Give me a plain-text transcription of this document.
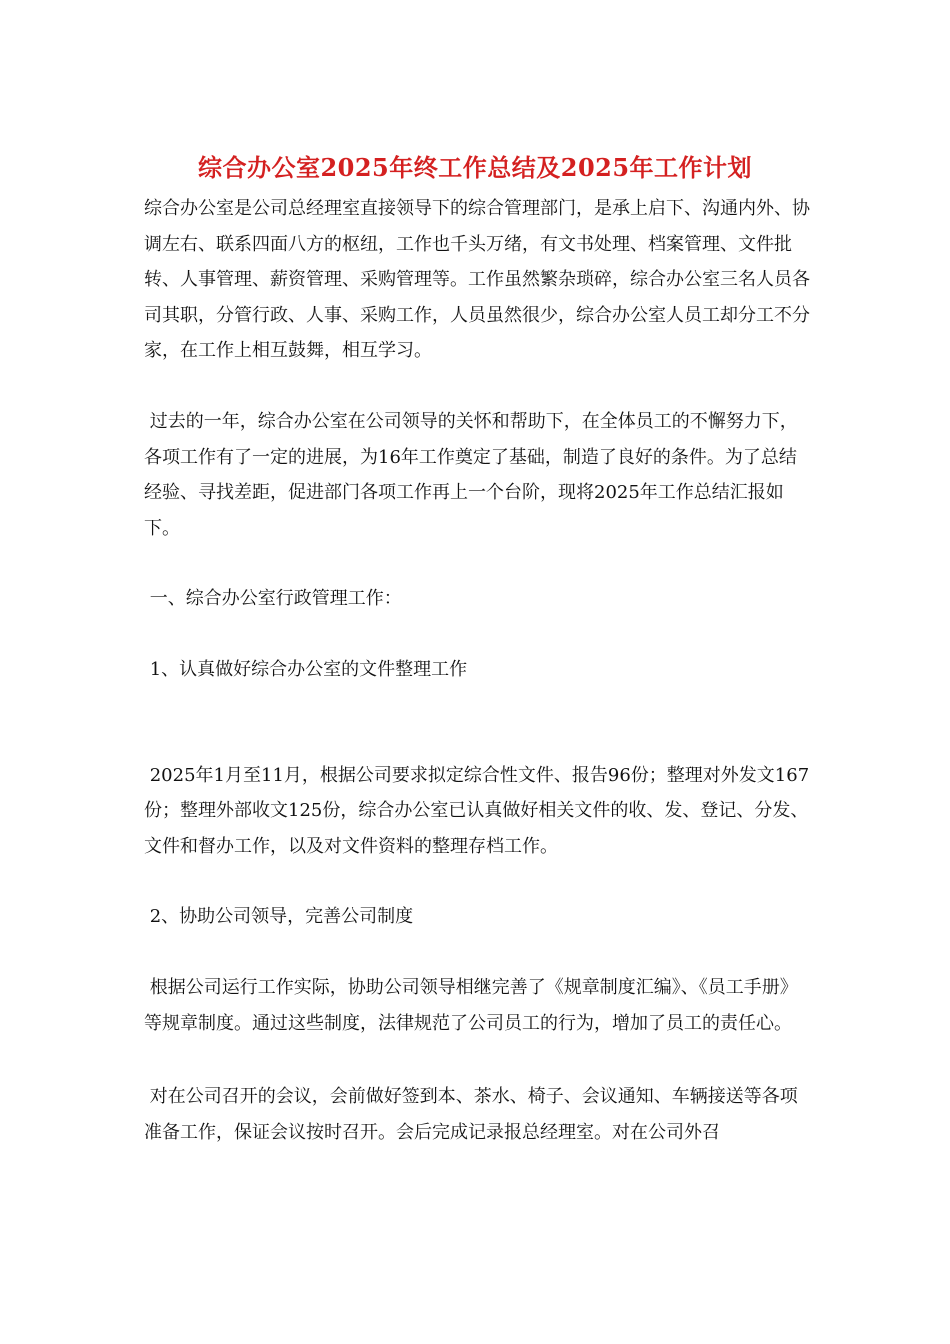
综合办公室2025年终工作总结及2025年工作计划

综合办公室是公司总经理室直接领导下的综合管理部门，是承上启下、沟通内外、协调左右、联系四面八方的枢纽，工作也千头万绪，有文书处理、档案管理、文件批转、人事管理、薪资管理、采购管理等。工作虽然繁杂琐碎，综合办公室三名人员各司其职，分管行政、人事、采购工作，人员虽然很少，综合办公室人员工却分工不分家，在工作上相互鼓舞，相互学习。

过去的一年，综合办公室在公司领导的关怀和帮助下，在全体员工的不懈努力下，各项工作有了一定的进展，为16年工作奠定了基础，制造了良好的条件。为了总结经验、寻找差距，促进部门各项工作再上一个台阶，现将2025年工作总结汇报如下。

一、综合办公室行政管理工作：

1、认真做好综合办公室的文件整理工作

2025年1月至11月，根据公司要求拟定综合性文件、报告96份；整理对外发文167份；整理外部收文125份，综合办公室已认真做好相关文件的收、发、登记、分发、文件和督办工作，以及对文件资料的整理存档工作。

2、协助公司领导，完善公司制度

根据公司运行工作实际，协助公司领导相继完善了《规章制度汇编》、《员工手册》等规章制度。通过这些制度，法律规范了公司员工的行为，增加了员工的责任心。

对在公司召开的会议，会前做好签到本、茶水、椅子、会议通知、车辆接送等各项准备工作，保证会议按时召开。会后完成记录报总经理室。对在公司外召
